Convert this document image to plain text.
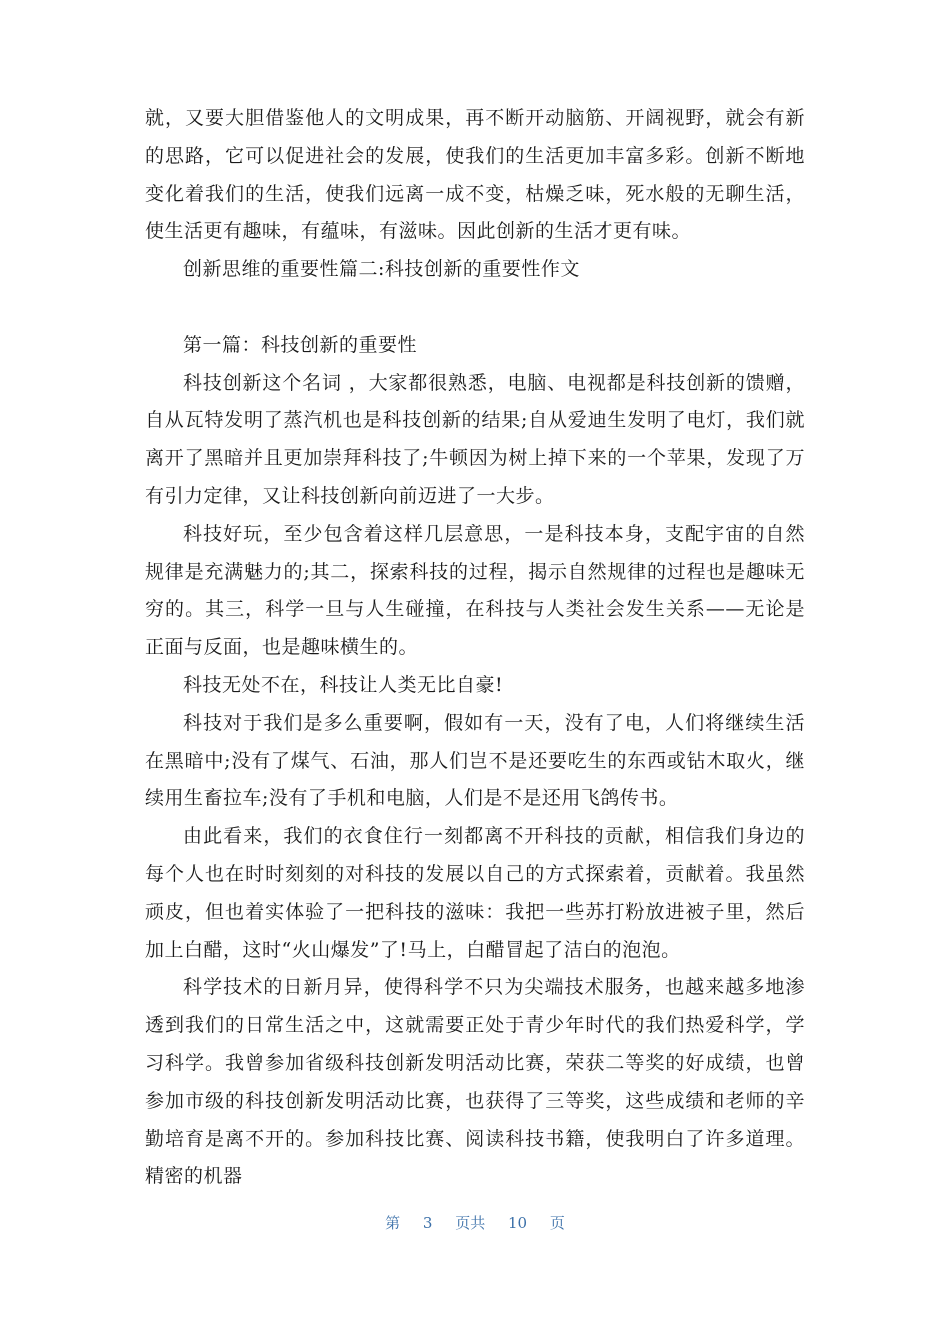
就，又要大胆借鉴他人的文明成果，再不断开动脑筋、开阔视野，就会有新的思路，它可以促进社会的发展，使我们的生活更加丰富多彩。创新不断地变化着我们的生活，使我们远离一成不变，枯燥乏味，死水般的无聊生活，使生活更有趣味，有蕴味，有滋味。因此创新的生活才更有味。

创新思维的重要性篇二:科技创新的重要性作文

第一篇：科技创新的重要性

科技创新这个名词 ，大家都很熟悉，电脑、电视都是科技创新的馈赠，自从瓦特发明了蒸汽机也是科技创新的结果;自从爱迪生发明了电灯，我们就离开了黑暗并且更加崇拜科技了;牛顿因为树上掉下来的一个苹果，发现了万有引力定律，又让科技创新向前迈进了一大步。

科技好玩，至少包含着这样几层意思，一是科技本身，支配宇宙的自然规律是充满魅力的;其二，探索科技的过程，揭示自然规律的过程也是趣味无穷的。其三，科学一旦与人生碰撞，在科技与人类社会发生关系——无论是正面与反面，也是趣味横生的。

科技无处不在，科技让人类无比自豪!

科技对于我们是多么重要啊，假如有一天，没有了电，人们将继续生活在黑暗中;没有了煤气、石油，那人们岂不是还要吃生的东西或钻木取火，继续用生畜拉车;没有了手机和电脑，人们是不是还用飞鸽传书。

由此看来，我们的衣食住行一刻都离不开科技的贡献，相信我们身边的每个人也在时时刻刻的对科技的发展以自己的方式探索着，贡献着。我虽然顽皮，但也着实体验了一把科技的滋味：我把一些苏打粉放进被子里，然后加上白醋，这时“火山爆发”了!马上，白醋冒起了洁白的泡泡。

科学技术的日新月异，使得科学不只为尖端技术服务，也越来越多地渗透到我们的日常生活之中，这就需要正处于青少年时代的我们热爱科学，学习科学。我曾参加省级科技创新发明活动比赛，荣获二等奖的好成绩，也曾参加市级的科技创新发明活动比赛，也获得了三等奖，这些成绩和老师的辛勤培育是离不开的。参加科技比赛、阅读科技书籍，使我明白了许多道理。精密的机器

第 3 页共 10 页
